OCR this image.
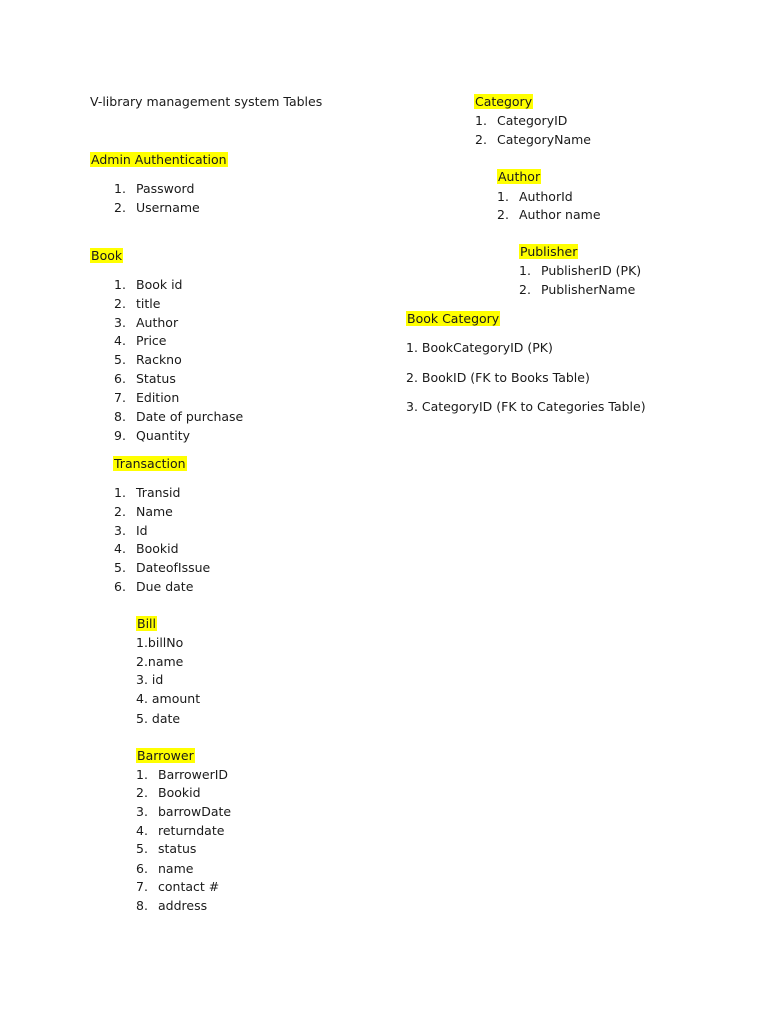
V-library management system Tables
Admin Authentication
1. Password
2. Username
Book
1. Book id
2. title
3. Author
4. Price
5. Rackno
6. Status
7. Edition
8. Date of purchase
9. Quantity
Transaction
1. Transid
2. Name
3. Id
4. Bookid
5. DateofIssue
6. Due date
Bill
1.billNo
2.name
3. id
4. amount
5. date
Barrower
1. BarrowerID
2. Bookid
3. barrowDate
4. returndate
5. status
6. name
7. contact #
8. address
Category
1. CategoryID
2. CategoryName
Author
1. AuthorId
2. Author name
Publisher
1. PublisherID (PK)
2. PublisherName
Book Category
1. BookCategoryID (PK)
2. BookID (FK to Books Table)
3. CategoryID (FK to Categories Table)
